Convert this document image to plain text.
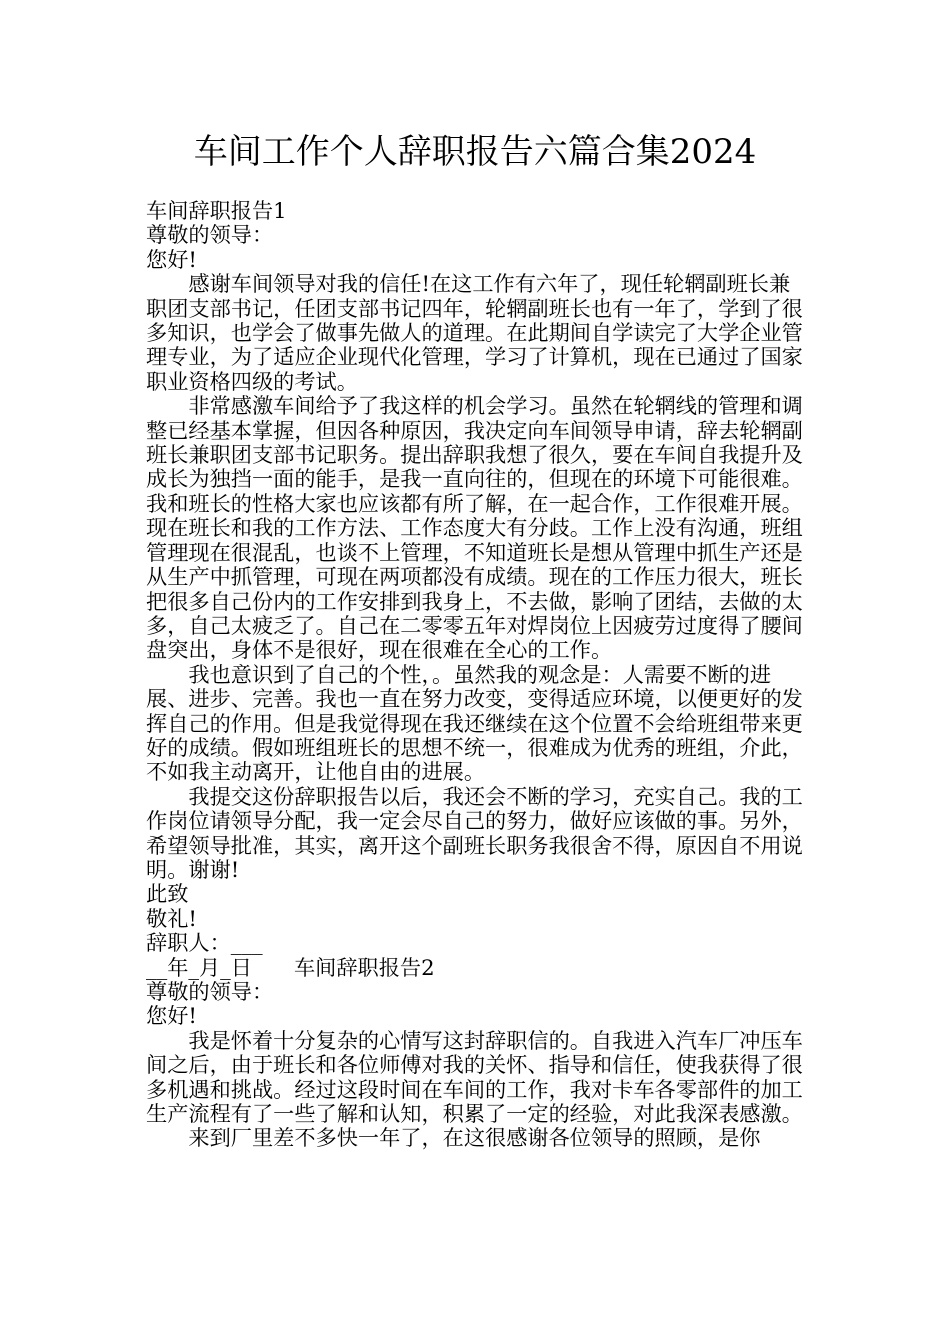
车间工作个人辞职报告六篇合集2024

车间辞职报告1

尊敬的领导：

您好!

感谢车间领导对我的信任!在这工作有六年了，现任轮辋副班长兼职团支部书记，任团支部书记四年，轮辋副班长也有一年了，学到了很多知识，也学会了做事先做人的道理。在此期间自学读完了大学企业管理专业，为了适应企业现代化管理，学习了计算机，现在已通过了国家职业资格四级的考试。

非常感激车间给予了我这样的机会学习。虽然在轮辋线的管理和调整已经基本掌握，但因各种原因，我决定向车间领导申请，辞去轮辋副班长兼职团支部书记职务。提出辞职我想了很久，要在车间自我提升及成长为独挡一面的能手，是我一直向往的，但现在的环境下可能很难。我和班长的性格大家也应该都有所了解，在一起合作，工作很难开展。现在班长和我的工作方法、工作态度大有分歧。工作上没有沟通，班组管理现在很混乱，也谈不上管理，不知道班长是想从管理中抓生产还是从生产中抓管理，可现在两项都没有成绩。现在的工作压力很大，班长把很多自己份内的工作安排到我身上，不去做，影响了团结，去做的太多，自己太疲乏了。自己在二零零五年对焊岗位上因疲劳过度得了腰间盘突出，身体不是很好，现在很难在全心的工作。

我也意识到了自己的个性，。虽然我的观念是：人需要不断的进展、进步、完善。我也一直在努力改变，变得适应环境，以便更好的发挥自己的作用。但是我觉得现在我还继续在这个位置不会给班组带来更好的成绩。假如班组班长的思想不统一，很难成为优秀的班组，介此，不如我主动离开，让他自由的进展。

我提交这份辞职报告以后，我还会不断的学习，充实自己。我的工作岗位请领导分配，我一定会尽自己的努力，做好应该做的事。另外，希望领导批准，其实，离开这个副班长职务我很舍不得，原因自不用说明。谢谢!

此致

敬礼!

辞职人：___

__年_月_日 车间辞职报告2

尊敬的领导：

您好!

我是怀着十分复杂的心情写这封辞职信的。自我进入汽车厂冲压车间之后，由于班长和各位师傅对我的关怀、指导和信任，使我获得了很多机遇和挑战。经过这段时间在车间的工作，我对卡车各零部件的加工生产流程有了一些了解和认知，积累了一定的经验，对此我深表感激。

来到厂里差不多快一年了，在这很感谢各位领导的照顾，是你
